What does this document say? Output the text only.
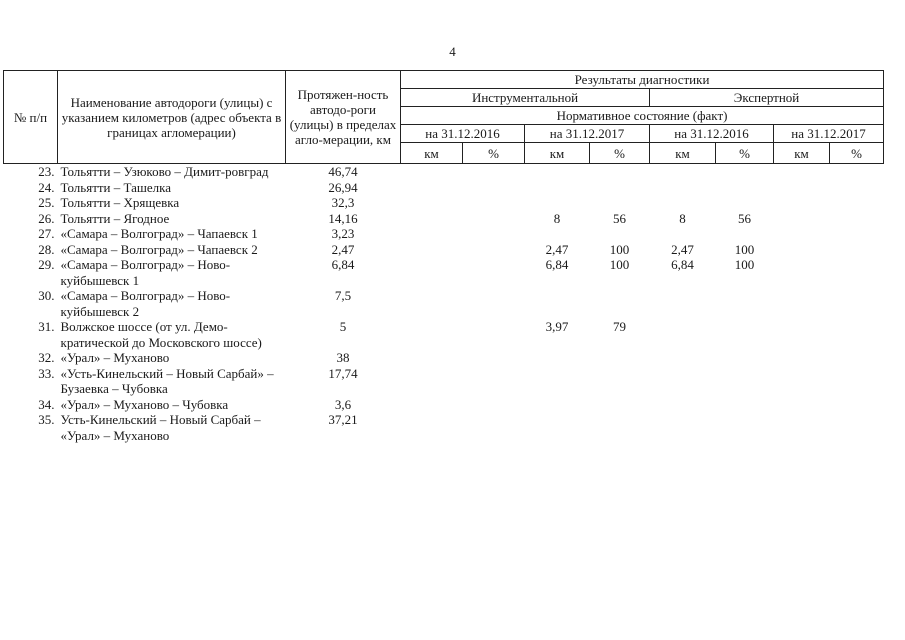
4
№ п/п	Наименование автодороги (улицы) с указанием километров (адрес объекта в границах агломерации)	Протяжен-ность автодо-роги (улицы) в пределах агло-мерации, км	Результаты диагностики							
			Инструментальной				Экспертной			
			Нормативное состояние (факт)							
			на 31.12.2016		на 31.12.2017		на 31.12.2016		на 31.12.2017	
			км	%	км	%	км	%	км	%
23.	Тольятти – Узюково – Димит-ровград	46,74								
24.	Тольятти – Ташелка	26,94								
25.	Тольятти – Хрящевка	32,3								
26.	Тольятти – Ягодное	14,16			8	56	8	56		
27.	«Самара – Волгоград» – Чапаевск 1	3,23								
28.	«Самара – Волгоград» – Чапаевск 2	2,47			2,47	100	2,47	100		
29.	«Самара – Волгоград» – Ново-куйбышевск 1	6,84			6,84	100	6,84	100		
30.	«Самара – Волгоград» – Ново-куйбышевск 2	7,5								
31.	Волжское шоссе (от ул. Демо-кратической до Московского шоссе)	5			3,97	79				
32.	«Урал» – Муханово	38								
33.	«Усть-Кинельский – Новый Сарбай» – Бузаевка – Чубовка	17,74								
34.	«Урал» – Муханово – Чубовка	3,6								
35.	Усть-Кинельский – Новый Сарбай – «Урал» – Муханово	37,21								
